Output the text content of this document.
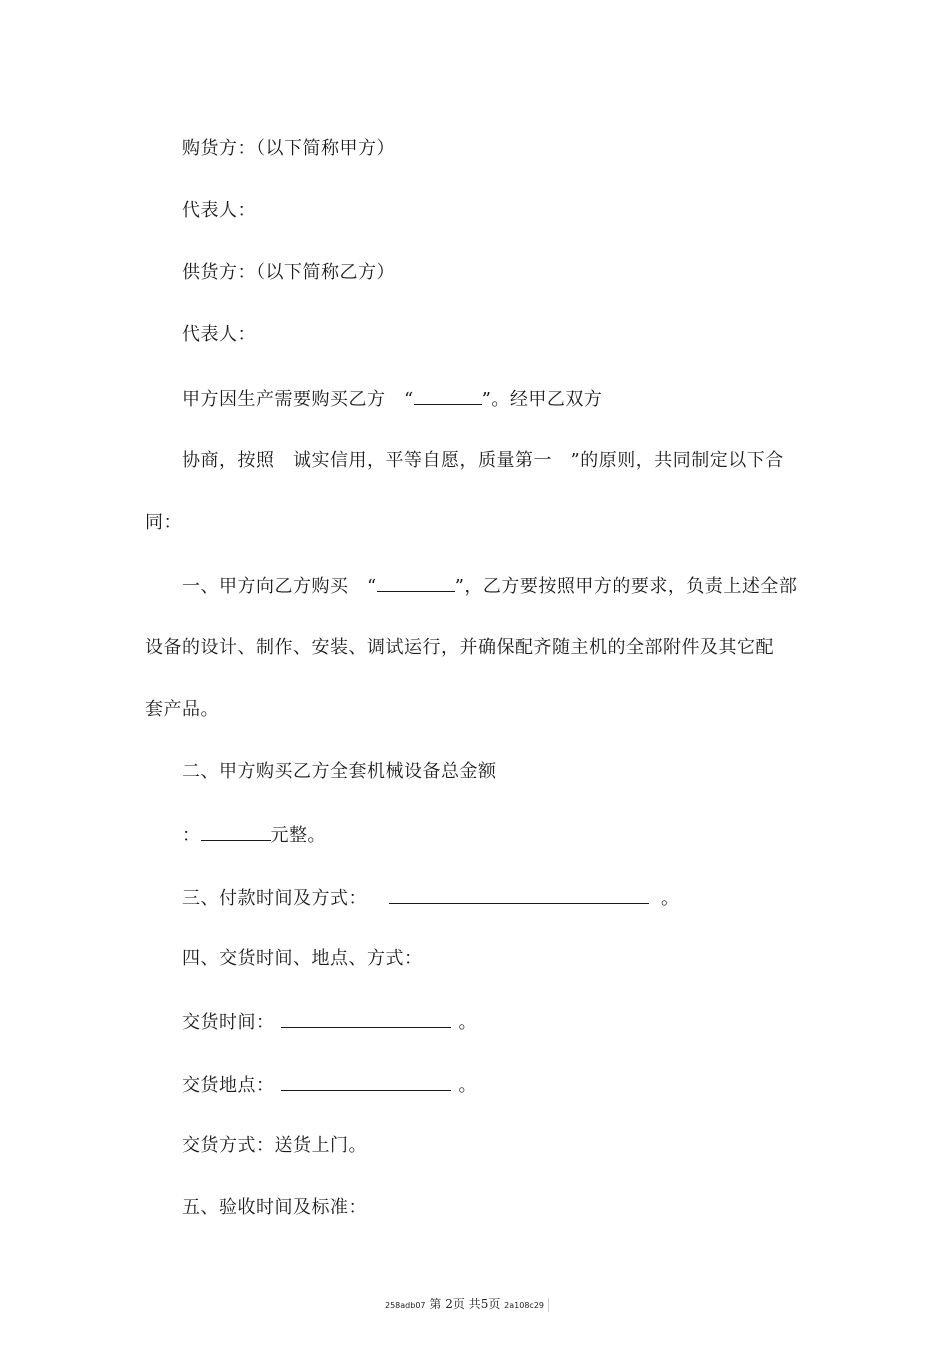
购货方：（以下简称甲方）
代表人：
供货方：（以下简称乙方）
代表人：
甲方因生产需要购买乙方　“	”。经甲乙双方
协商，按照　诚实信用，平等自愿，质量第一　”的原则，共同制定以下合
同：
一、甲方向乙方购买　“	”，乙方要按照甲方的要求，负责上述全部
设备的设计、制作、安装、调试运行，并确保配齐随主机的全部附件及其它配
套产品。
二、甲方购买乙方全套机械设备总金额
：	元整。
三、付款时间及方式：	。
四、交货时间、地点、方式：
交货时间：	。
交货地点：	。
交货方式：送货上门。
五、验收时间及标准：
258adb07 第 2页 共5页 2a108c29
